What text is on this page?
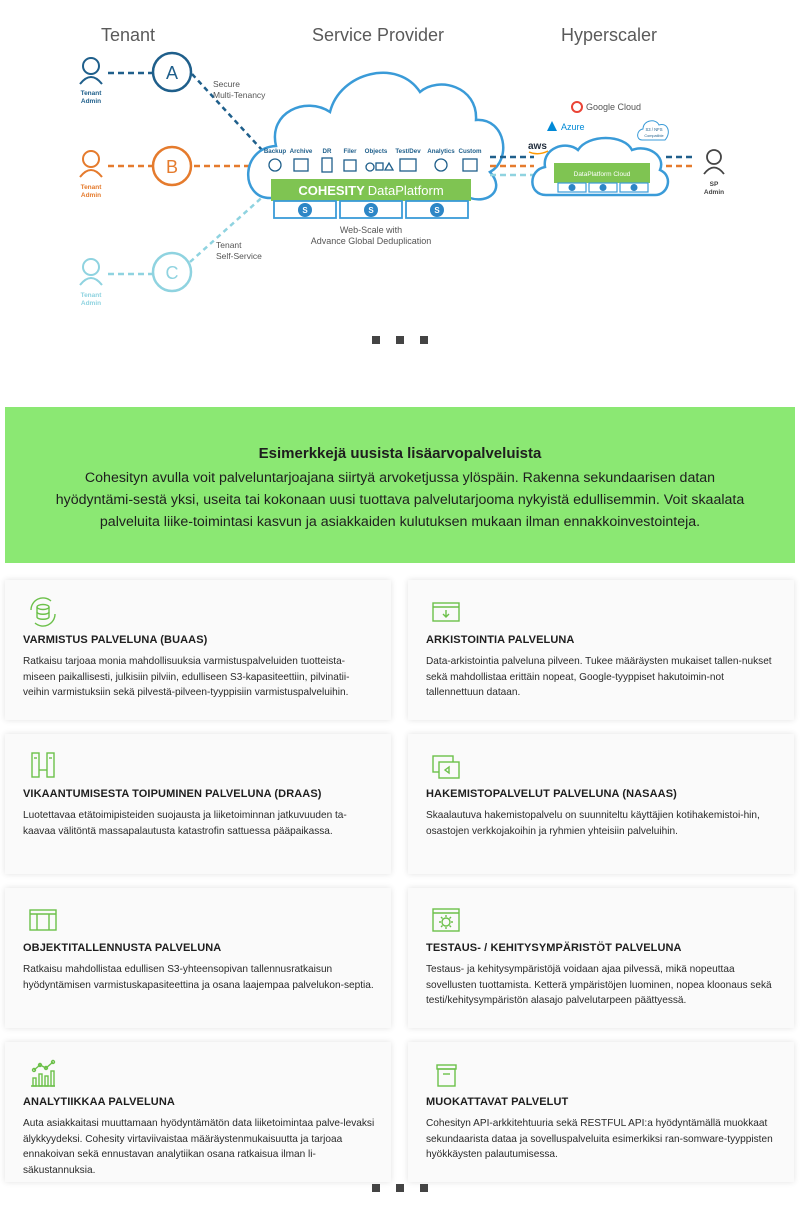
Tenant	Service Provider	Hyperscaler
Tenant
Admin
A
Tenant
Admin
B
Tenant
Admin
C
Secure Multi-Tenancy
Tenant Self-Service
Backup Archive DR Filer Objects Test/Dev Analytics Custom
COHESITY DataPlatform
S	S	S
Web-Scale with Advance Global Deduplication
Google Cloud
Azure
aws
S3 / NFS
Compatible
DataPlatform Cloud
SP
Admin
Esimerkkejä uusista lisäarvopalveluista

Cohesityn avulla voit palveluntarjoajana siirtyä arvoketjussa ylöspäin. Rakenna sekundaarisen datan hyödyntämi-sestä yksi, useita tai kokonaan uusi tuottava palvelutarjooma nykyistä edullisemmin. Voit skaalata palveluita liike-toimintasi kasvun ja asiakkaiden kulutuksen mukaan ilman ennakkoinvestointeja.

VARMISTUS PALVELUNA (BUAAS)

Ratkaisu tarjoaa monia mahdollisuuksia varmistuspalveluiden tuotteista-miseen paikallisesti, julkisiin pilviin, edulliseen S3-kapasiteettiin, pilvinatii-veihin varmistuksiin sekä pilvestä-pilveen-tyyppisiin varmistuspalveluihin.

ARKISTOINTIA PALVELUNA

Data-arkistointia palveluna pilveen. Tukee määräysten mukaiset tallen-nukset sekä mahdollistaa erittäin nopeat, Google-tyyppiset hakutoimin-not tallennettuun dataan.

VIKAANTUMISESTA TOIPUMINEN PALVELUNA (DRAAS)

Luotettavaa etätoimipisteiden suojausta ja liiketoiminnan jatkuvuuden ta-kaavaa välitöntä massapalautusta katastrofin sattuessa pääpaikassa.

HAKEMISTOPALVELUT PALVELUNA (NASAAS)

Skaalautuva hakemistopalvelu on suunniteltu käyttäjien kotihakemistoi-hin, osastojen verkkojakoihin ja ryhmien yhteisiin palveluihin.

OBJEKTITALLENNUSTA PALVELUNA

Ratkaisu mahdollistaa edullisen S3-yhteensopivan tallennusratkaisun hyödyntämisen varmistuskapasiteettina ja osana laajempaa palvelukon-septia.

TESTAUS- / KEHITYSYMPÄRISTÖT PALVELUNA

Testaus- ja kehitysympäristöjä voidaan ajaa pilvessä, mikä nopeuttaa sovellusten tuottamista. Ketterä ympäristöjen luominen, nopea kloonaus sekä testi/kehitysympäristön alasajo palvelutarpeen päättyessä.

ANALYTIIKKAA PALVELUNA

Auta asiakkaitasi muuttamaan hyödyntämätön data liiketoimintaa palve-levaksi älykkyydeksi. Cohesity virtaviivaistaa määräystenmukaisuutta ja tarjoaa ennakoivan sekä ennustavan analytiikan osana ratkaisua ilman li-säkustannuksia.

MUOKATTAVAT PALVELUT

Cohesityn API-arkkitehtuuria sekä RESTFUL API:a hyödyntämällä muokkaat sekundaarista dataa ja sovelluspalveluita esimerkiksi ran-somware-tyyppisten hyökkäysten palautumisessa.
